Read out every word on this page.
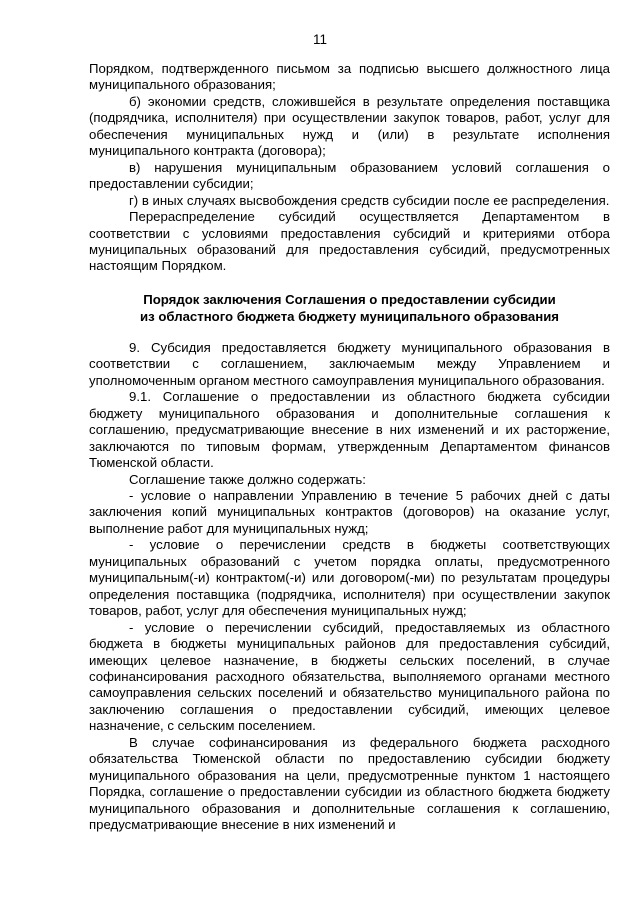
11

Порядком, подтвержденного письмом за подписью высшего должностного лица муниципального образования;

б) экономии средств, сложившейся в результате определения поставщика (подрядчика, исполнителя) при осуществлении закупок товаров, работ, услуг для обеспечения муниципальных нужд и (или) в результате исполнения муниципального контракта (договора);

в) нарушения муниципальным образованием условий соглашения о предоставлении субсидии;

г) в иных случаях высвобождения средств субсидии после ее распределения.

Перераспределение субсидий осуществляется Департаментом в соответствии с условиями предоставления субсидий и критериями отбора муниципальных образований для предоставления субсидий, предусмотренных настоящим Порядком.

Порядок заключения Соглашения о предоставлении субсидии
из областного бюджета бюджету муниципального образования

9. Субсидия предоставляется бюджету муниципального образования в соответствии с соглашением, заключаемым между Управлением и уполномоченным органом местного самоуправления муниципального образования.

9.1. Соглашение о предоставлении из областного бюджета субсидии бюджету муниципального образования и дополнительные соглашения к соглашению, предусматривающие внесение в них изменений и их расторжение, заключаются по типовым формам, утвержденным Департаментом финансов Тюменской области.

Соглашение также должно содержать:

- условие о направлении Управлению в течение 5 рабочих дней с даты заключения копий муниципальных контрактов (договоров) на оказание услуг, выполнение работ для муниципальных нужд;

- условие о перечислении средств в бюджеты соответствующих муниципальных образований с учетом порядка оплаты, предусмотренного муниципальным(-и) контрактом(-и) или договором(-ми) по результатам процедуры определения поставщика (подрядчика, исполнителя) при осуществлении закупок товаров, работ, услуг для обеспечения муниципальных нужд;

- условие о перечислении субсидий, предоставляемых из областного бюджета в бюджеты муниципальных районов для предоставления субсидий, имеющих целевое назначение, в бюджеты сельских поселений, в случае софинансирования расходного обязательства, выполняемого органами местного самоуправления сельских поселений и обязательство муниципального района по заключению соглашения о предоставлении субсидий, имеющих целевое назначение, с сельским поселением.

В случае софинансирования из федерального бюджета расходного обязательства Тюменской области по предоставлению субсидии бюджету муниципального образования на цели, предусмотренные пунктом 1 настоящего Порядка, соглашение о предоставлении субсидии из областного бюджета бюджету муниципального образования и дополнительные соглашения к соглашению, предусматривающие внесение в них изменений и
